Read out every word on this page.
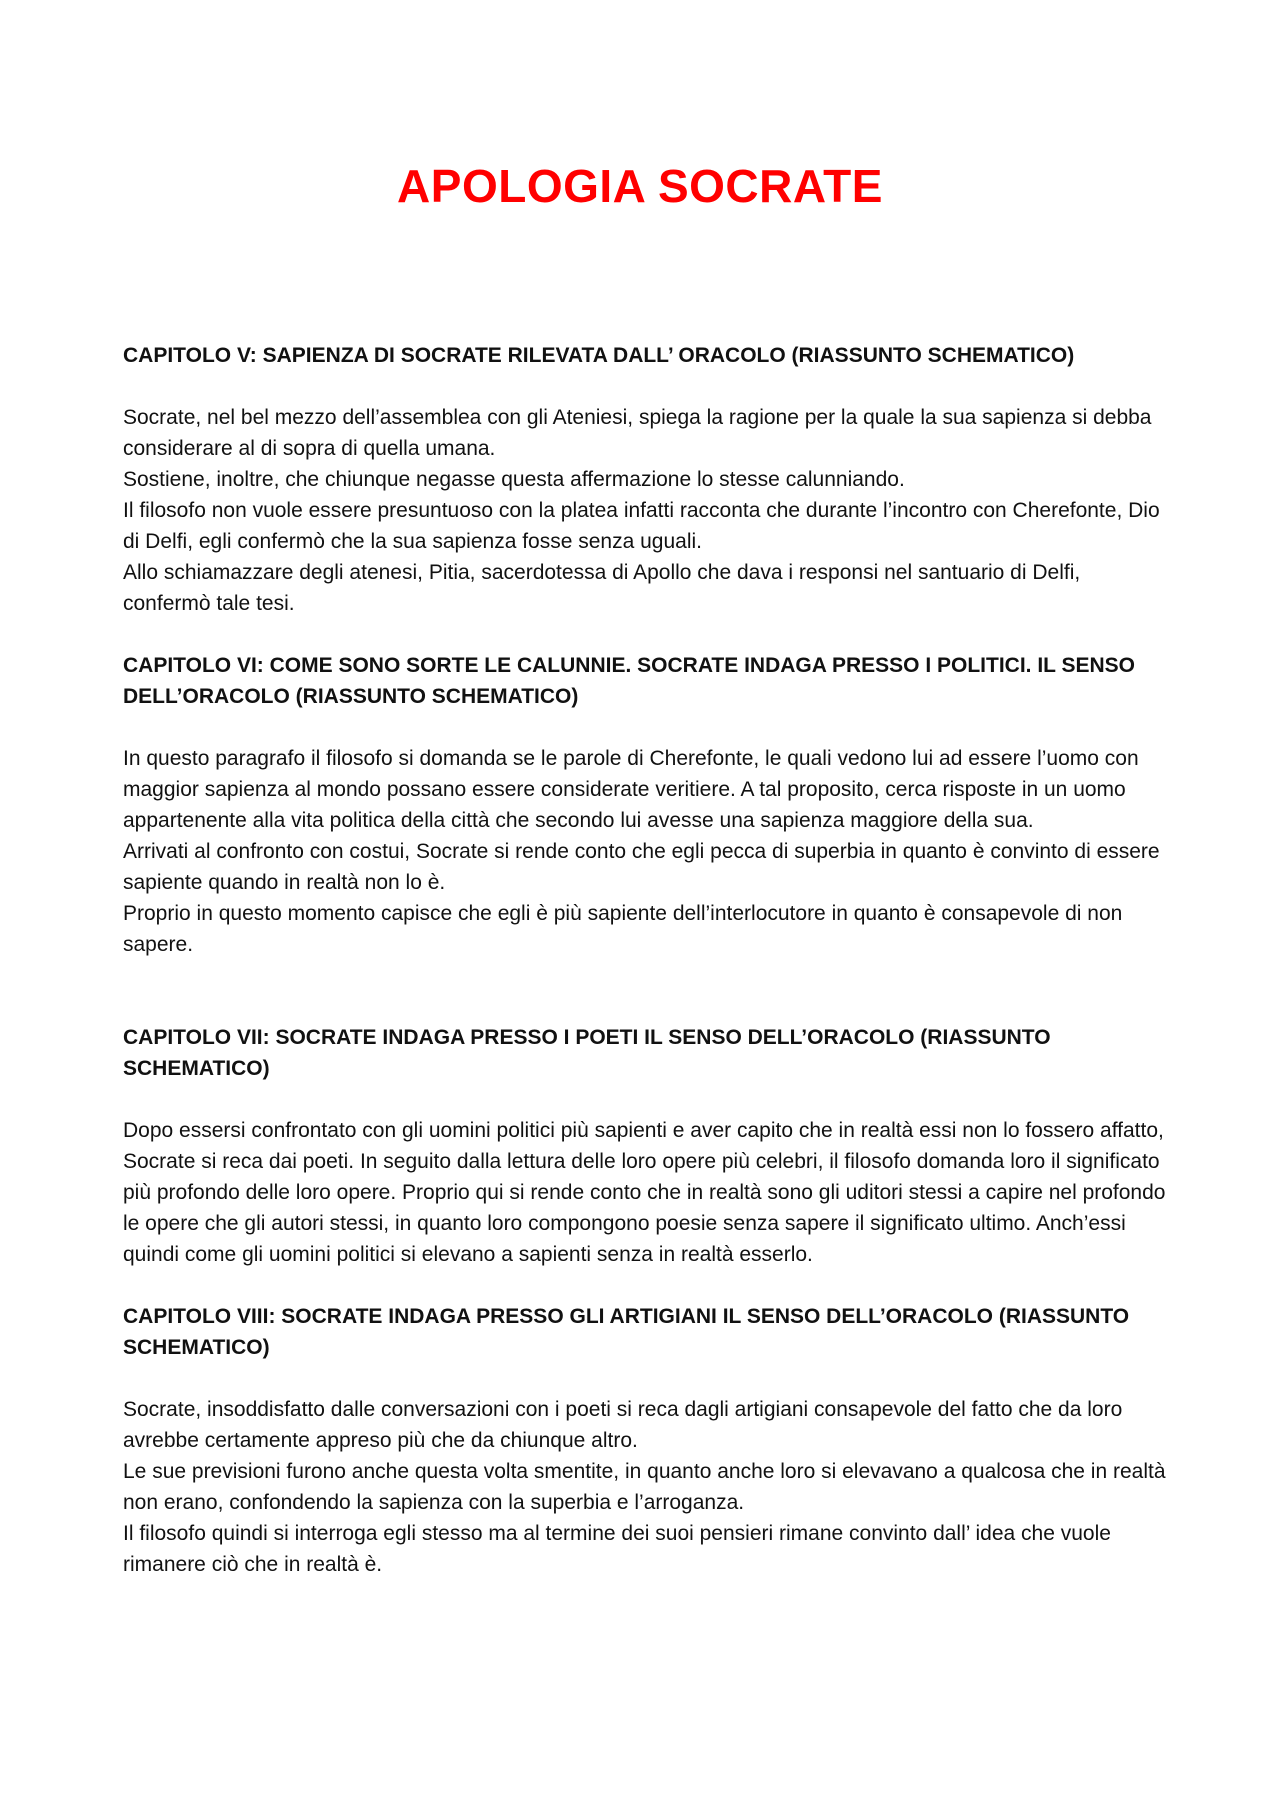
APOLOGIA SOCRATE
CAPITOLO V: SAPIENZA DI SOCRATE RILEVATA DALL’ ORACOLO (RIASSUNTO SCHEMATICO)

Socrate, nel bel mezzo dell’assemblea con gli Ateniesi, spiega la ragione per la quale la sua sapienza si debba considerare al di sopra di quella umana.

Sostiene, inoltre, che chiunque negasse questa affermazione lo stesse calunniando.

Il filosofo non vuole essere presuntuoso con la platea infatti racconta che durante l’incontro con Cherefonte, Dio di Delfi, egli confermò che la sua sapienza fosse senza uguali.

Allo schiamazzare degli atenesi, Pitia, sacerdotessa di Apollo che dava i responsi nel santuario di Delfi, confermò tale tesi.

CAPITOLO VI: COME SONO SORTE LE CALUNNIE. SOCRATE INDAGA PRESSO I POLITICI. IL SENSO DELL’ORACOLO (RIASSUNTO SCHEMATICO)

In questo paragrafo il filosofo si domanda se le parole di Cherefonte, le quali vedono lui ad essere l’uomo con maggior sapienza al mondo possano essere considerate veritiere. A tal proposito, cerca risposte in un uomo appartenente alla vita politica della città che secondo lui avesse una sapienza maggiore della sua.

Arrivati al confronto con costui, Socrate si rende conto che egli pecca di superbia in quanto è convinto di essere sapiente quando in realtà non lo è.

Proprio in questo momento capisce che egli è più sapiente dell’interlocutore in quanto è consapevole di non sapere.

CAPITOLO VII: SOCRATE INDAGA PRESSO I POETI IL SENSO DELL’ORACOLO (RIASSUNTO SCHEMATICO)

Dopo essersi confrontato con gli uomini politici più sapienti e aver capito che in realtà essi non lo fossero affatto, Socrate si reca dai poeti. In seguito dalla lettura delle loro opere più celebri, il filosofo domanda loro il significato più profondo delle loro opere. Proprio qui si rende conto che in realtà sono gli uditori stessi a capire nel profondo le opere che gli autori stessi, in quanto loro compongono poesie senza sapere il significato ultimo. Anch’essi quindi come gli uomini politici si elevano a sapienti senza in realtà esserlo.

CAPITOLO VIII: SOCRATE INDAGA PRESSO GLI ARTIGIANI IL SENSO DELL’ORACOLO (RIASSUNTO SCHEMATICO)

Socrate, insoddisfatto dalle conversazioni con i poeti si reca dagli artigiani consapevole del fatto che da loro avrebbe certamente appreso più che da chiunque altro.

Le sue previsioni furono anche questa volta smentite, in quanto anche loro si elevavano a qualcosa che in realtà non erano, confondendo la sapienza con la superbia e l’arroganza.

Il filosofo quindi si interroga egli stesso ma al termine dei suoi pensieri rimane convinto dall’ idea che vuole rimanere ciò che in realtà è.
